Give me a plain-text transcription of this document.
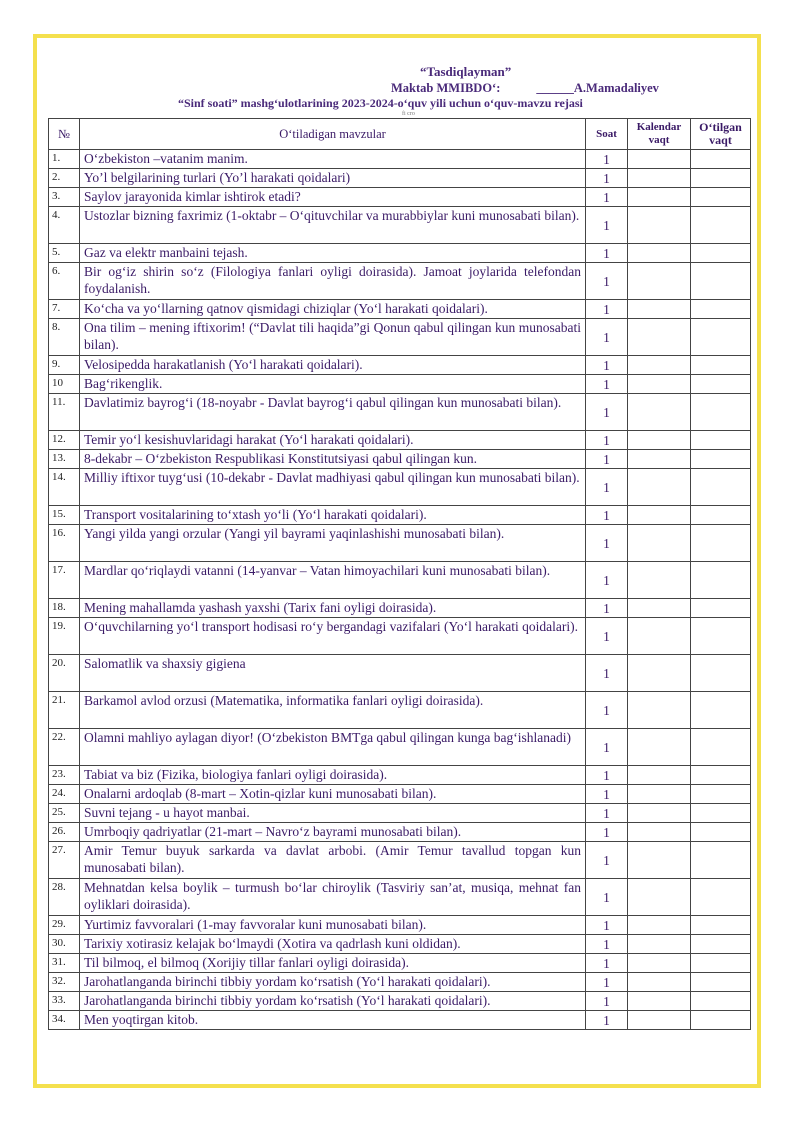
“Tasdiqlayman”
Maktab MMIBDO‘:	______A.Mamadaliyev
“Sinf soati” mashg‘ulotlarining 2023-2024-o‘quv yili uchun o‘quv-mavzu rejasi
fi cro
№	O‘tiladigan mavzular	Soat	Kalendar vaqt	O‘tilgan vaqt
1.	O‘zbekiston –vatanim manim.	1		
2.	Yo’l belgilarining turlari (Yo’l harakati qoidalari)	1		
3.	Saylov jarayonida kimlar ishtirok etadi?	1		
4.	Ustozlar bizning faxrimiz (1-oktabr – O‘qituvchilar va murabbiylar kuni munosabati bilan).	1		
5.	Gaz va elektr manbaini tejash.	1		
6.	Bir og‘iz shirin so‘z (Filologiya fanlari oyligi doirasida). Jamoat joylarida telefondan foydalanish.	1		
7.	Ko‘cha va yo‘llarning qatnov qismidagi chiziqlar (Yo‘l harakati qoidalari).	1		
8.	Ona tilim – mening iftixorim! (“Davlat tili haqida”gi Qonun qabul qilingan kun munosabati bilan).	1		
9.	Velosipedda harakatlanish (Yo‘l harakati qoidalari).	1		
10	Bag‘rikenglik.	1		
11.	Davlatimiz bayrog‘i (18-noyabr - Davlat bayrog‘i qabul qilingan kun munosabati bilan).	1		
12.	Temir yo‘l kesishuvlaridagi harakat (Yo‘l harakati qoidalari).	1		
13.	8-dekabr – O‘zbekiston Respublikasi Konstitutsiyasi qabul qilingan kun.	1		
14.	Milliy iftixor tuyg‘usi (10-dekabr - Davlat madhiyasi qabul qilingan kun munosabati bilan).	1		
15.	Transport vositalarining to‘xtash yo‘li (Yo‘l harakati qoidalari).	1		
16.	Yangi yilda yangi orzular (Yangi yil bayrami yaqinlashishi munosabati bilan).	1		
17.	Mardlar qo‘riqlaydi vatanni (14-yanvar – Vatan himoyachilari kuni munosabati bilan).	1		
18.	Mening mahallamda yashash yaxshi (Tarix fani oyligi doirasida).	1		
19.	O‘quvchilarning yo‘l transport hodisasi ro‘y bergandagi vazifalari (Yo‘l harakati qoidalari).	1		
20.	Salomatlik va shaxsiy gigiena	1		
21.	Barkamol avlod orzusi (Matematika, informatika fanlari oyligi doirasida).	1		
22.	Olamni mahliyo aylagan diyor! (O‘zbekiston BMTga qabul qilingan kunga bag‘ishlanadi)	1		
23.	Tabiat va biz (Fizika, biologiya fanlari oyligi doirasida).	1		
24.	Onalarni ardoqlab (8-mart – Xotin-qizlar kuni munosabati bilan).	1		
25.	Suvni tejang - u hayot manbai.	1		
26.	Umrboqiy qadriyatlar (21-mart – Navro‘z bayrami munosabati bilan).	1		
27.	Amir Temur buyuk sarkarda va davlat arbobi. (Amir Temur tavallud topgan kun munosabati bilan).	1		
28.	Mehnatdan kelsa boylik – turmush bo‘lar chiroylik (Tasviriy san’at, musiqa, mehnat fan oyliklari doirasida).	1		
29.	Yurtimiz favvoralari (1-may favvoralar kuni munosabati bilan).	1		
30.	Tarixiy xotirasiz kelajak bo‘lmaydi (Xotira va qadrlash kuni oldidan).	1		
31.	Til bilmoq, el bilmoq (Xorijiy tillar fanlari oyligi doirasida).	1		
32.	Jarohatlanganda birinchi tibbiy yordam ko‘rsatish (Yo‘l harakati qoidalari).	1		
33.	Jarohatlanganda birinchi tibbiy yordam ko‘rsatish (Yo‘l harakati qoidalari).	1		
34.	Men yoqtirgan kitob.	1		
